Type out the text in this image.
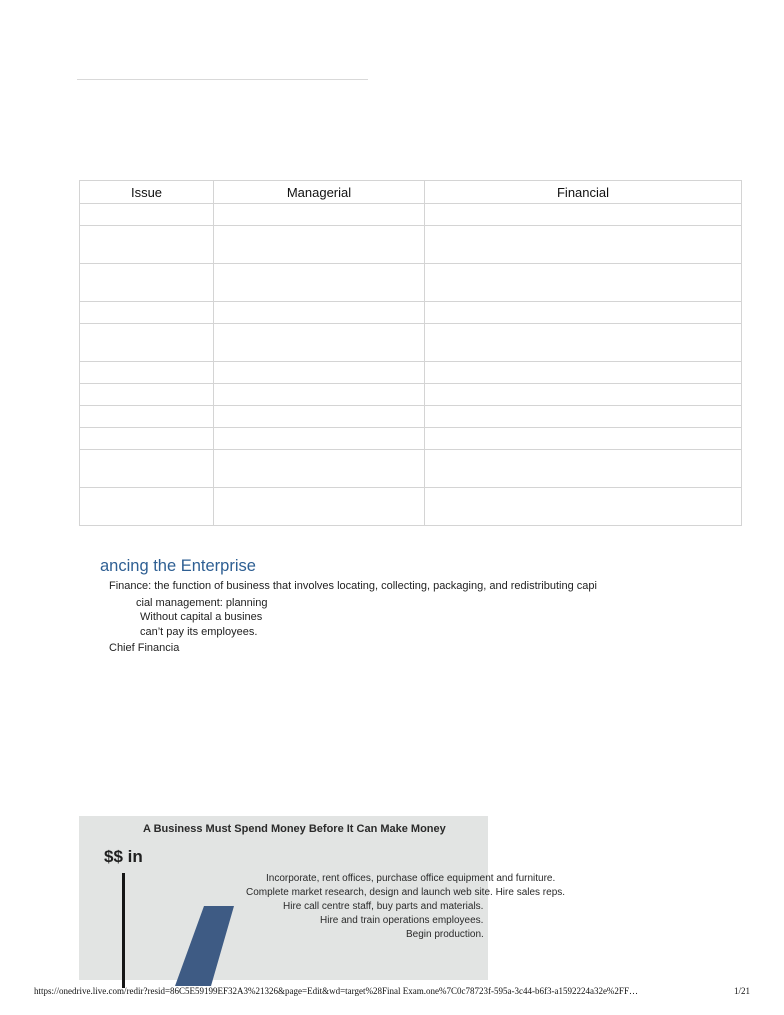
Issue	Managerial	Financial

ancing the Enterprise

Finance: the function of business that involves locating, collecting, packaging, and redistributing capi

cial management: planning

Without capital a busines

can’t pay its employees.

Chief Financia

A Business Must Spend Money Before It Can Make Money
$$ in
Incorporate, rent offices, purchase office equipment and furniture.
Complete market research, design and launch web site. Hire sales reps.
Hire call centre staff, buy parts and materials.
Hire and train operations employees.
Begin production.
https://onedrive.live.com/redir?resid=86C5E59199EF32A3%21326&page=Edit&wd=target%28Final Exam.one%7C0c78723f-595a-3c44-b6f3-a1592224a32e%2FF…	1/21
